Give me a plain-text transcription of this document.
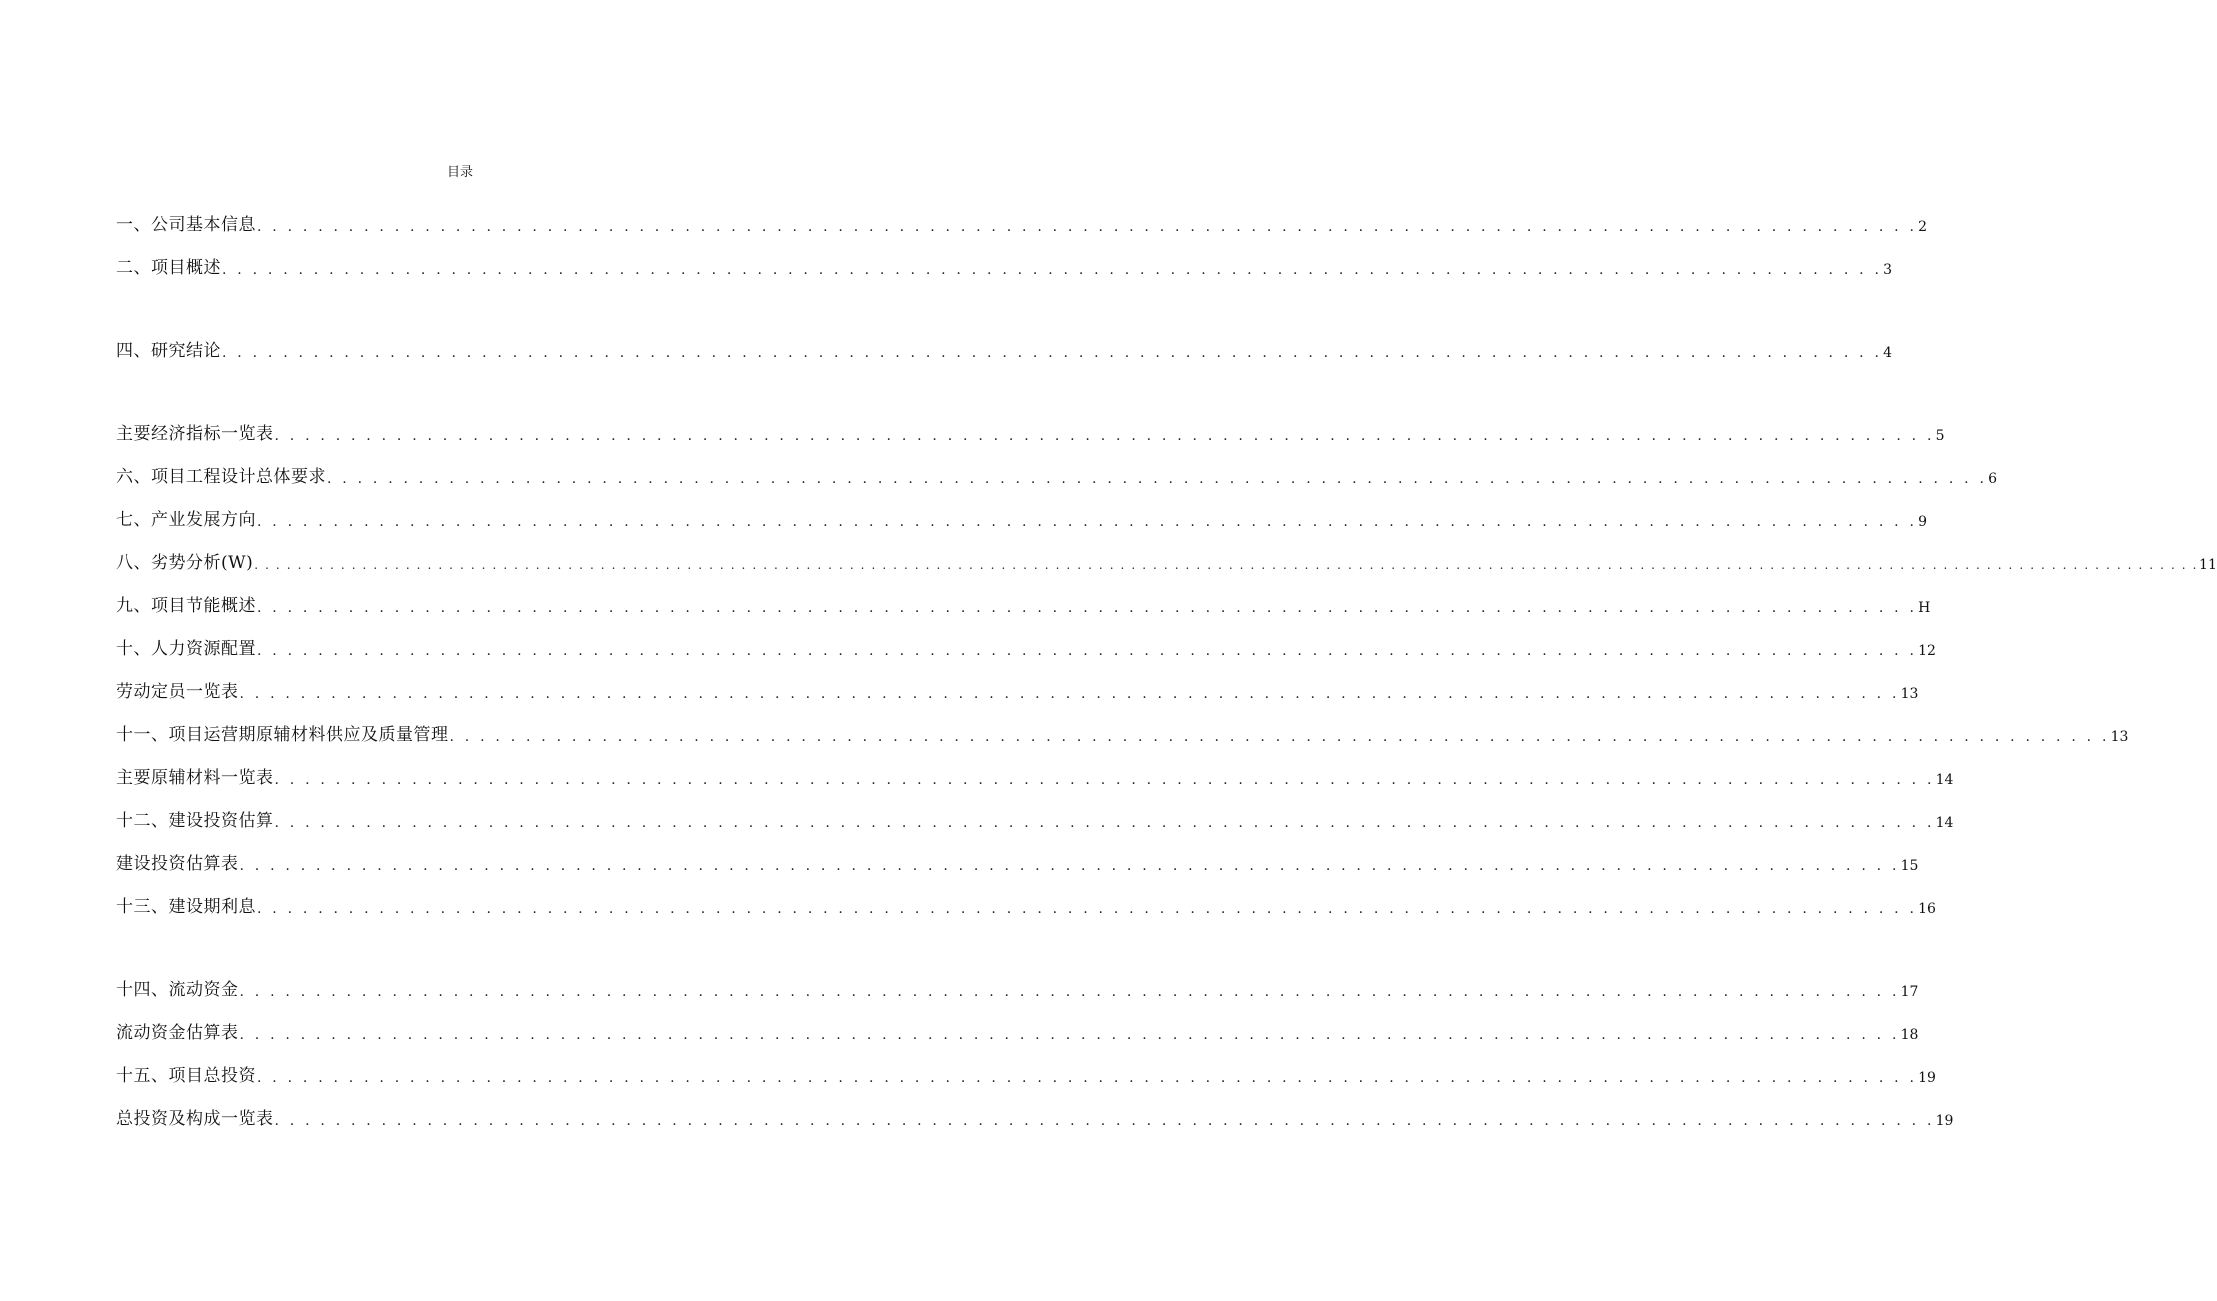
目录
一、公司基本信息 . . . . . . . . . . . . . . . . . . . . . . . . . . . . . . . . . . . . . . . . . . . . . . . . . . . . . . . . . . . . . . . . . . . . . . . . . . . . . . . . . . . . . . . . . . . . . . . . . . . . . . . . . . . . . 2
二、项目概述 . . . . . . . . . . . . . . . . . . . . . . . . . . . . . . . . . . . . . . . . . . . . . . . . . . . . . . . . . . . . . . . . . . . . . . . . . . . . . . . . . . . . . . . . . . . . . . . . . . . . . . . . . . . . . 3
四、研究结论 . . . . . . . . . . . . . . . . . . . . . . . . . . . . . . . . . . . . . . . . . . . . . . . . . . . . . . . . . . . . . . . . . . . . . . . . . . . . . . . . . . . . . . . . . . . . . . . . . . . . . . . . . . . . . 4
主要经济指标一览表 . . . . . . . . . . . . . . . . . . . . . . . . . . . . . . . . . . . . . . . . . . . . . . . . . . . . . . . . . . . . . . . . . . . . . . . . . . . . . . . . . . . . . . . . . . . . . . . . . . . . . . . . . . . . . 5
六、项目工程设计总体要求 . . . . . . . . . . . . . . . . . . . . . . . . . . . . . . . . . . . . . . . . . . . . . . . . . . . . . . . . . . . . . . . . . . . . . . . . . . . . . . . . . . . . . . . . . . . . . . . . . . . . . . . . . . . . . 6
七、产业发展方向 . . . . . . . . . . . . . . . . . . . . . . . . . . . . . . . . . . . . . . . . . . . . . . . . . . . . . . . . . . . . . . . . . . . . . . . . . . . . . . . . . . . . . . . . . . . . . . . . . . . . . . . . . . . . . 9
八、劣势分析(W) . . . . . . . . . . . . . . . . . . . . . . . . . . . . . . . . . . . . . . . . . . . . . . . . . . . . . . . . . . . . . . . . . . . . . . . . . . . . . . . . . . . . . . . . . . . . . . . . . . . . . . . . . . . . . . . . . . . . . . . . . . . . . . . . . . . . . . . . . . . . . . . . . . . . . . . . . . . . . . . . . . . . . . . . . . . . . . . . . . . . 11
九、项目节能概述 . . . . . . . . . . . . . . . . . . . . . . . . . . . . . . . . . . . . . . . . . . . . . . . . . . . . . . . . . . . . . . . . . . . . . . . . . . . . . . . . . . . . . . . . . . . . . . . . . . . . . . . . . . . . . H
十、人力资源配置 . . . . . . . . . . . . . . . . . . . . . . . . . . . . . . . . . . . . . . . . . . . . . . . . . . . . . . . . . . . . . . . . . . . . . . . . . . . . . . . . . . . . . . . . . . . . . . . . . . . . . . . . . . . . . 12
劳动定员一览表 . . . . . . . . . . . . . . . . . . . . . . . . . . . . . . . . . . . . . . . . . . . . . . . . . . . . . . . . . . . . . . . . . . . . . . . . . . . . . . . . . . . . . . . . . . . . . . . . . . . . . . . . . . . . . 13
十一、项目运营期原辅材料供应及质量管理 . . . . . . . . . . . . . . . . . . . . . . . . . . . . . . . . . . . . . . . . . . . . . . . . . . . . . . . . . . . . . . . . . . . . . . . . . . . . . . . . . . . . . . . . . . . . . . . . . . . . . . . . . . . . . 13
主要原辅材料一览表 . . . . . . . . . . . . . . . . . . . . . . . . . . . . . . . . . . . . . . . . . . . . . . . . . . . . . . . . . . . . . . . . . . . . . . . . . . . . . . . . . . . . . . . . . . . . . . . . . . . . . . . . . . . . . 14
十二、建设投资估算 . . . . . . . . . . . . . . . . . . . . . . . . . . . . . . . . . . . . . . . . . . . . . . . . . . . . . . . . . . . . . . . . . . . . . . . . . . . . . . . . . . . . . . . . . . . . . . . . . . . . . . . . . . . . . 14
建设投资估算表 . . . . . . . . . . . . . . . . . . . . . . . . . . . . . . . . . . . . . . . . . . . . . . . . . . . . . . . . . . . . . . . . . . . . . . . . . . . . . . . . . . . . . . . . . . . . . . . . . . . . . . . . . . . . . 15
十三、建设期利息 . . . . . . . . . . . . . . . . . . . . . . . . . . . . . . . . . . . . . . . . . . . . . . . . . . . . . . . . . . . . . . . . . . . . . . . . . . . . . . . . . . . . . . . . . . . . . . . . . . . . . . . . . . . . . 16
十四、流动资金 . . . . . . . . . . . . . . . . . . . . . . . . . . . . . . . . . . . . . . . . . . . . . . . . . . . . . . . . . . . . . . . . . . . . . . . . . . . . . . . . . . . . . . . . . . . . . . . . . . . . . . . . . . . . . 17
流动资金估算表 . . . . . . . . . . . . . . . . . . . . . . . . . . . . . . . . . . . . . . . . . . . . . . . . . . . . . . . . . . . . . . . . . . . . . . . . . . . . . . . . . . . . . . . . . . . . . . . . . . . . . . . . . . . . . 18
十五、项目总投资 . . . . . . . . . . . . . . . . . . . . . . . . . . . . . . . . . . . . . . . . . . . . . . . . . . . . . . . . . . . . . . . . . . . . . . . . . . . . . . . . . . . . . . . . . . . . . . . . . . . . . . . . . . . . . 19
总投资及构成一览表 . . . . . . . . . . . . . . . . . . . . . . . . . . . . . . . . . . . . . . . . . . . . . . . . . . . . . . . . . . . . . . . . . . . . . . . . . . . . . . . . . . . . . . . . . . . . . . . . . . . . . . . . . . . . . 19
